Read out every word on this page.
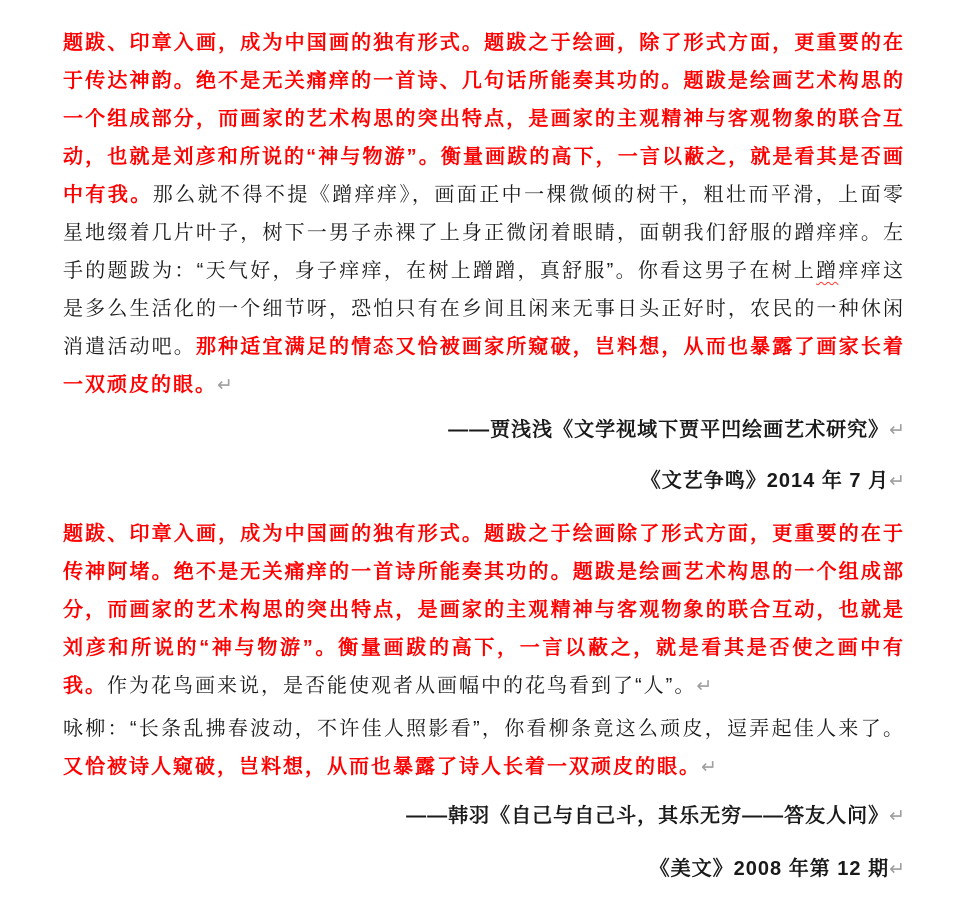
题跋、印章入画，成为中国画的独有形式。题跋之于绘画，除了形式方面，更重要的在于传达神韵。绝不是无关痛痒的一首诗、几句话所能奏其功的。题跋是绘画艺术构思的一个组成部分，而画家的艺术构思的突出特点，是画家的主观精神与客观物象的联合互动，也就是刘彦和所说的“神与物游”。衡量画跋的高下，一言以蔽之，就是看其是否画中有我。那么就不得不提《蹭痒痒》，画面正中一棵微倾的树干，粗壮而平滑，上面零星地缀着几片叶子，树下一男子赤裸了上身正微闭着眼睛，面朝我们舒服的蹭痒痒。左手的题跋为：“天气好，身子痒痒，在树上蹭蹭，真舒服”。你看这男子在树上蹭痒痒这是多么生活化的一个细节呀，恐怕只有在乡间且闲来无事日头正好时，农民的一种休闲消遣活动吧。那种适宜满足的情态又恰被画家所窥破，岂料想，从而也暴露了画家长着一双顽皮的眼。↵

——贾浅浅《文学视域下贾平凹绘画艺术研究》↵

《文艺争鸣》2014 年 7 月↵

题跋、印章入画，成为中国画的独有形式。题跋之于绘画除了形式方面，更重要的在于传神阿堵。绝不是无关痛痒的一首诗所能奏其功的。题跋是绘画艺术构思的一个组成部分，而画家的艺术构思的突出特点，是画家的主观精神与客观物象的联合互动，也就是刘彦和所说的“神与物游”。衡量画跋的高下，一言以蔽之，就是看其是否使之画中有我。作为花鸟画来说，是否能使观者从画幅中的花鸟看到了“人”。↵

咏柳：“长条乱拂春波动，不许佳人照影看”，你看柳条竟这么顽皮，逗弄起佳人来了。又恰被诗人窥破，岂料想，从而也暴露了诗人长着一双顽皮的眼。↵

——韩羽《自己与自己斗，其乐无穷——答友人问》↵

《美文》2008 年第 12 期↵
